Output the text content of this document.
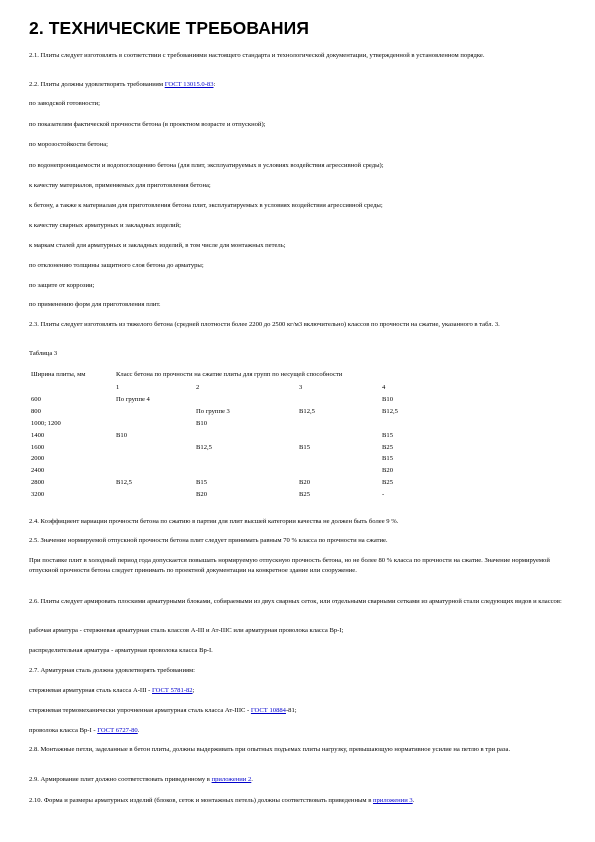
2. ТЕХНИЧЕСКИЕ ТРЕБОВАНИЯ

2.1. Плиты следует изготовлять в соответствии с требованиями настоящего стандарта и технологической документации, утвержденной в установленном порядке.

2.2. Плиты должны удовлетворять требованиям ГОСТ 13015.0-83:

по заводской готовности;

по показателям фактической прочности бетона (в проектном возрасте и отпускной);

по морозостойкости бетона;

по водонепроницаемости и водопоглощению бетона (для плит, эксплуатируемых в условиях воздействия агрессивной среды);

к качеству материалов, применяемых для приготовления бетона;

к бетону, а также к материалам для приготовления бетона плит, эксплуатируемых в условиях воздействия агрессивной среды;

к качеству сварных арматурных и закладных изделий;

к маркам сталей для арматурных и закладных изделий, в том числе для монтажных петель;

по отклонению толщины защитного слоя бетона до арматуры;

по защите от коррозии;

по применению форм для приготовления плит.

2.3. Плиты следует изготовлять из тяжелого бетона (средней плотности более 2200 до 2500 кг/м3 включительно) классов по прочности на сжатие, указанного в табл. 3.

Таблица 3

Ширина плиты, мм	Класс бетона по прочности на сжатие плиты для групп по несущей способности			
	1	2	3	4
600	По группе 4			В10
800		По группе 3	В12,5	В12,5
1000; 1200		В10		
1400	В10			В15
1600		В12,5	В15	В25
2000				В15
2400				В20
2800	В12,5	В15	В20	В25
3200		В20	В25	-

2.4. Коэффициент вариации прочности бетона по сжатию в партии для плит высшей категории качества не должен быть более 9 %.

2.5. Значение нормируемой отпускной прочности бетона плит следует принимать равным 70 % класса по прочности на сжатие.

При поставке плит в холодный период года допускается повышать нормируемую отпускную прочность бетона, но не более 80 % класса по прочности на сжатие. Значение нормируемой отпускной прочности бетона следует принимать по проектной документации на конкретное здание или сооружение.

2.6. Плиты следует армировать плоскими арматурными блоками, собираемыми из двух сварных сеток, или отдельными сварными сетками из арматурной стали следующих видов и классов:

рабочая арматура - стержневая арматурная сталь классов А-III и Ат-IIIС или арматурная проволока класса Вр-I;

распределительная арматура - арматурная проволока класса Вр-I.

2.7. Арматурная сталь должна удовлетворять требованиям:

стержневая арматурная сталь класса А-III - ГОСТ 5781-82;

стержневая термомеханически упрочненная арматурная сталь класса Ат-IIIС - ГОСТ 10884-81;

проволока класса Вр-I - ГОСТ 6727-80.

2.8. Монтажные петли, заделанные в бетон плиты, должны выдерживать при опытных подъемах плиты нагрузку, превышающую нормативное усилие на петлю в три раза.

2.9. Армирование плит должно соответствовать приведенному в приложении 2.

2.10. Форма и размеры арматурных изделий (блоков, сеток и монтажных петель) должны соответствовать приведенным в приложении 3.
